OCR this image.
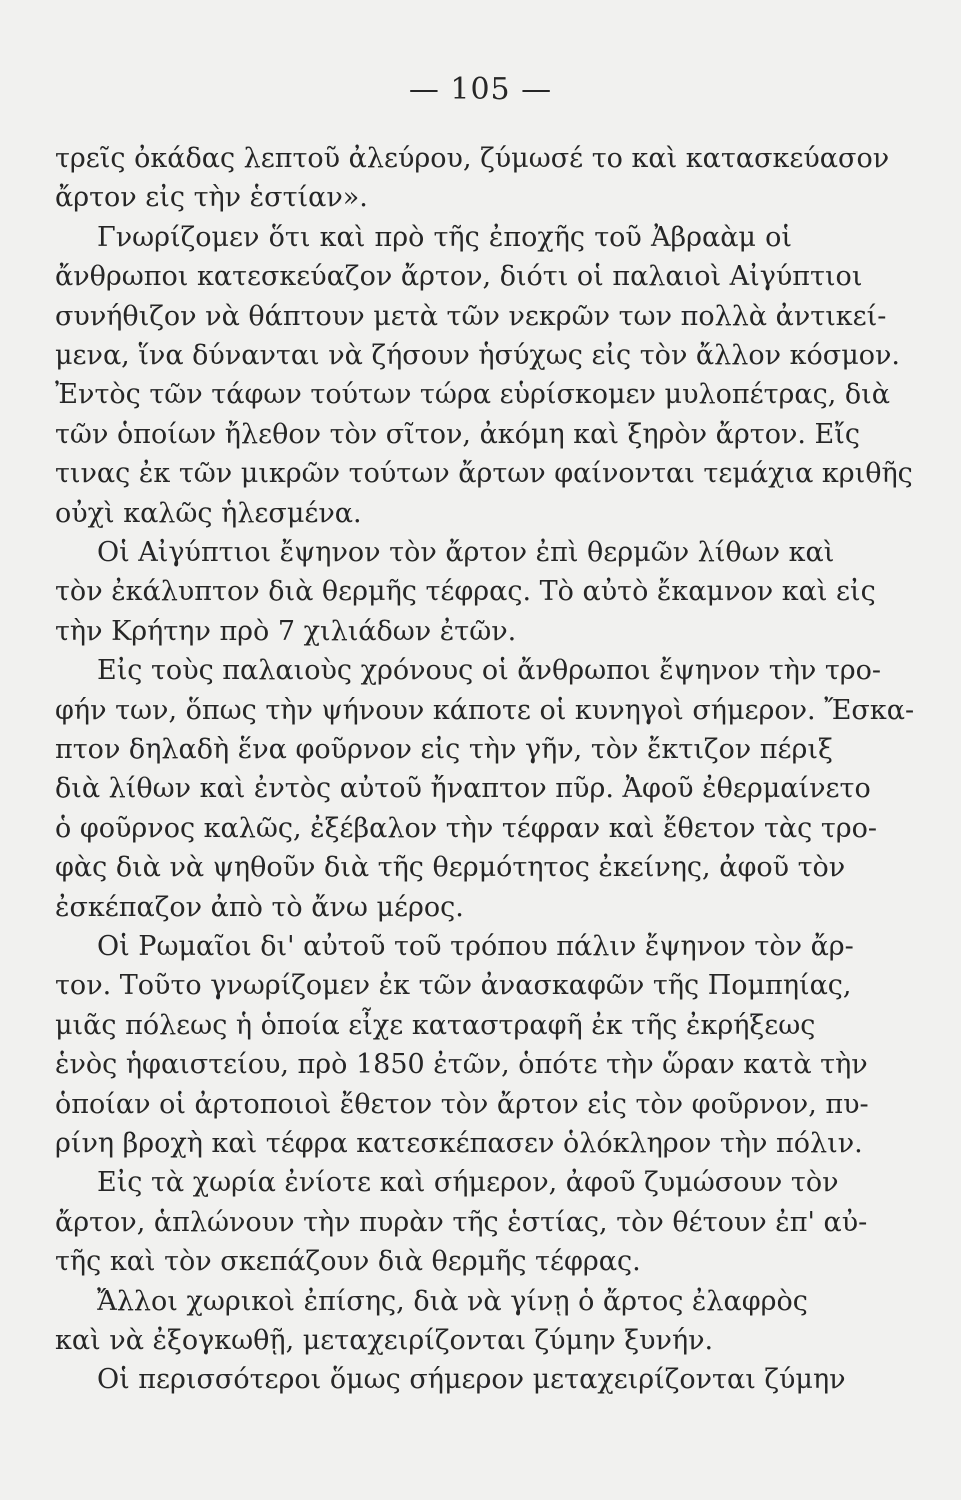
— 105 —
τρεῖς ὀκάδας λεπτοῦ ἀλεύρου, ζύμωσέ το καὶ κατασκεύασον
ἄρτον εἰς τὴν ἑστίαν».
Γνωρίζομεν ὅτι καὶ πρὸ τῆς ἐποχῆς τοῦ Ἀβραὰμ οἱ
ἄνθρωποι κατεσκεύαζον ἄρτον, διότι οἱ παλαιοὶ Αἰγύπτιοι
συνήθιζον νὰ θάπτουν μετὰ τῶν νεκρῶν των πολλὰ ἀντικεί-
μενα, ἵνα δύνανται νὰ ζήσουν ἡσύχως εἰς τὸν ἄλλον κόσμον.
Ἐντὸς τῶν τάφων τούτων τώρα εὑρίσκομεν μυλοπέτρας, διὰ
τῶν ὁποίων ἤλεθον τὸν σῖτον, ἀκόμη καὶ ξηρὸν ἄρτον. Εἴς
τινας ἐκ τῶν μικρῶν τούτων ἄρτων φαίνονται τεμάχια κριθῆς
οὐχὶ καλῶς ἡλεσμένα.
Οἱ Αἰγύπτιοι ἔψηνον τὸν ἄρτον ἐπὶ θερμῶν λίθων καὶ
τὸν ἐκάλυπτον διὰ θερμῆς τέφρας. Τὸ αὐτὸ ἔκαμνον καὶ εἰς
τὴν Κρήτην πρὸ 7 χιλιάδων ἐτῶν.
Εἰς τοὺς παλαιοὺς χρόνους οἱ ἄνθρωποι ἔψηνον τὴν τρο-
φήν των, ὅπως τὴν ψήνουν κάποτε οἱ κυνηγοὶ σήμερον. Ἔσκα-
πτον δηλαδὴ ἕνα φοῦρνον εἰς τὴν γῆν, τὸν ἔκτιζον πέριξ
διὰ λίθων καὶ ἐντὸς αὐτοῦ ἤναπτον πῦρ. Ἀφοῦ ἐθερμαίνετο
ὁ φοῦρνος καλῶς, ἐξέβαλον τὴν τέφραν καὶ ἔθετον τὰς τρο-
φὰς διὰ νὰ ψηθοῦν διὰ τῆς θερμότητος ἐκείνης, ἀφοῦ τὸν
ἐσκέπαζον ἀπὸ τὸ ἄνω μέρος.
Οἱ Ρωμαῖοι δι' αὐτοῦ τοῦ τρόπου πάλιν ἔψηνον τὸν ἄρ-
τον. Τοῦτο γνωρίζομεν ἐκ τῶν ἀνασκαφῶν τῆς Πομπηίας,
μιᾶς πόλεως ἡ ὁποία εἶχε καταστραφῆ ἐκ τῆς ἐκρήξεως
ἑνὸς ἡφαιστείου, πρὸ 1850 ἐτῶν, ὁπότε τὴν ὥραν κατὰ τὴν
ὁποίαν οἱ ἀρτοποιοὶ ἔθετον τὸν ἄρτον εἰς τὸν φοῦρνον, πυ-
ρίνη βροχὴ καὶ τέφρα κατεσκέπασεν ὁλόκληρον τὴν πόλιν.
Εἰς τὰ χωρία ἐνίοτε καὶ σήμερον, ἀφοῦ ζυμώσουν τὸν
ἄρτον, ἁπλώνουν τὴν πυρὰν τῆς ἑστίας, τὸν θέτουν ἐπ' αὐ-
τῆς καὶ τὸν σκεπάζουν διὰ θερμῆς τέφρας.
Ἄλλοι χωρικοὶ ἐπίσης, διὰ νὰ γίνῃ ὁ ἄρτος ἐλαφρὸς
καὶ νὰ ἐξογκωθῇ, μεταχειρίζονται ζύμην ξυνήν.
Οἱ περισσότεροι ὅμως σήμερον μεταχειρίζονται ζύμην
